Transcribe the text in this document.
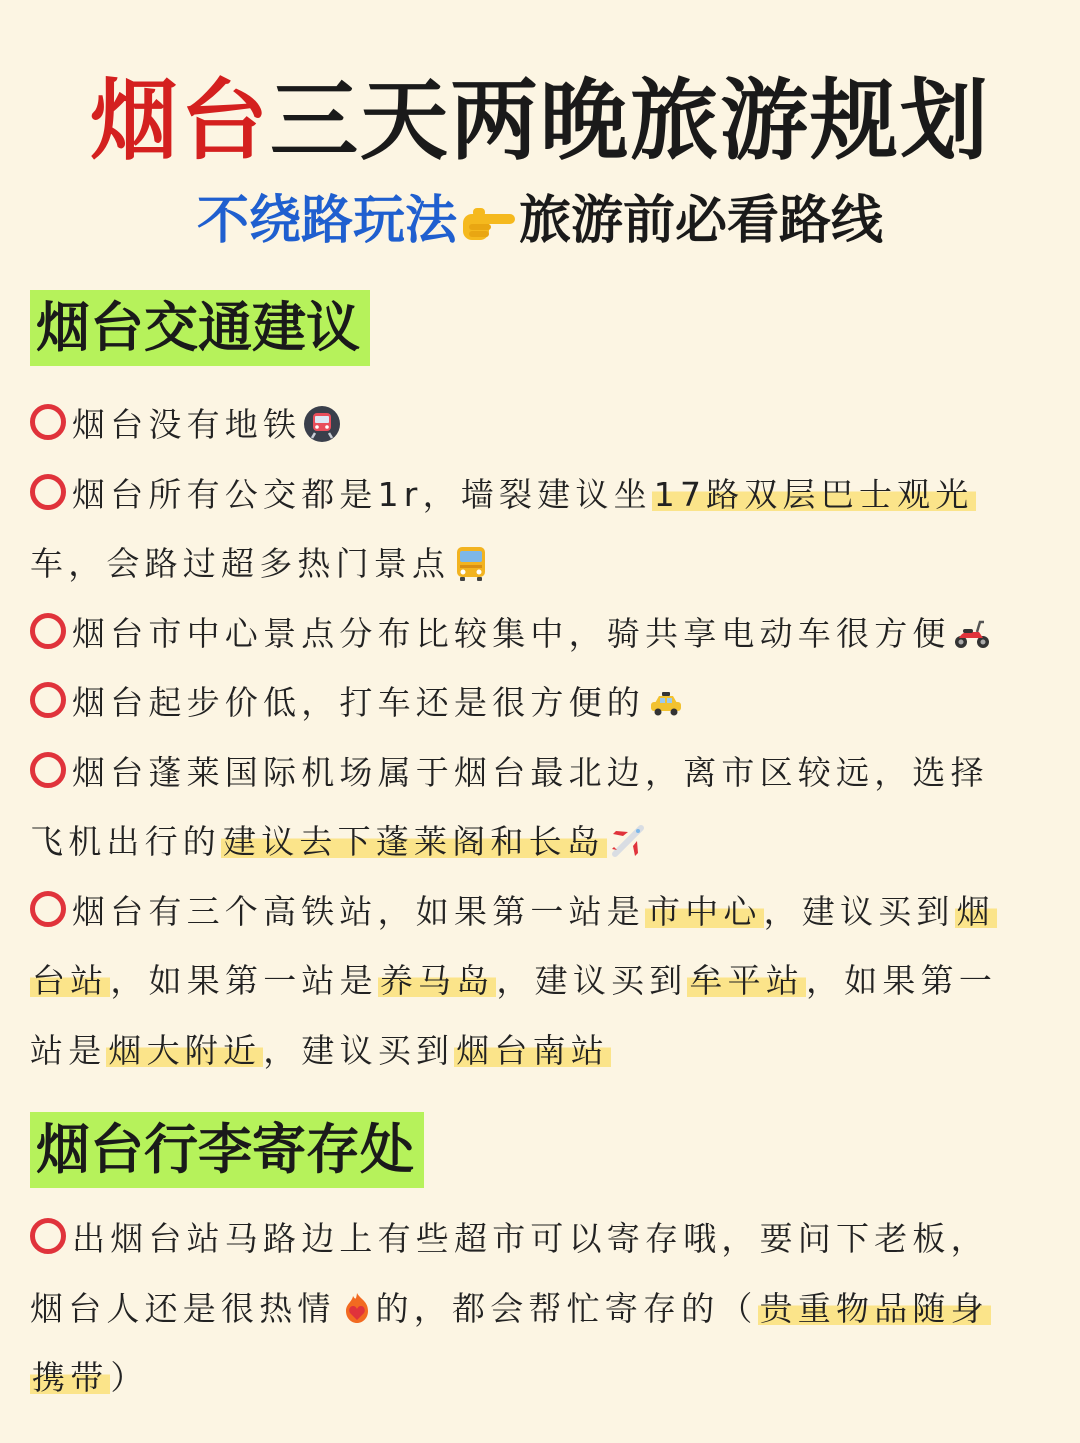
烟台三天两晚旅游规划
不绕路玩法 旅游前必看路线
烟台交通建议
烟台没有地铁
烟台所有公交都是1r，墙裂建议坐17路双层巴士观光
车，会路过超多热门景点
烟台市中心景点分布比较集中，骑共享电动车很方便
烟台起步价低，打车还是很方便的
烟台蓬莱国际机场属于烟台最北边，离市区较远，选择
飞机出行的建议去下蓬莱阁和长岛
烟台有三个高铁站，如果第一站是市中心，建议买到烟
台站，如果第一站是养马岛，建议买到牟平站，如果第一
站是烟大附近，建议买到烟台南站
烟台行李寄存处
出烟台站马路边上有些超市可以寄存哦，要问下老板，
烟台人还是很热情 的，都会帮忙寄存的（贵重物品随身
携带）
